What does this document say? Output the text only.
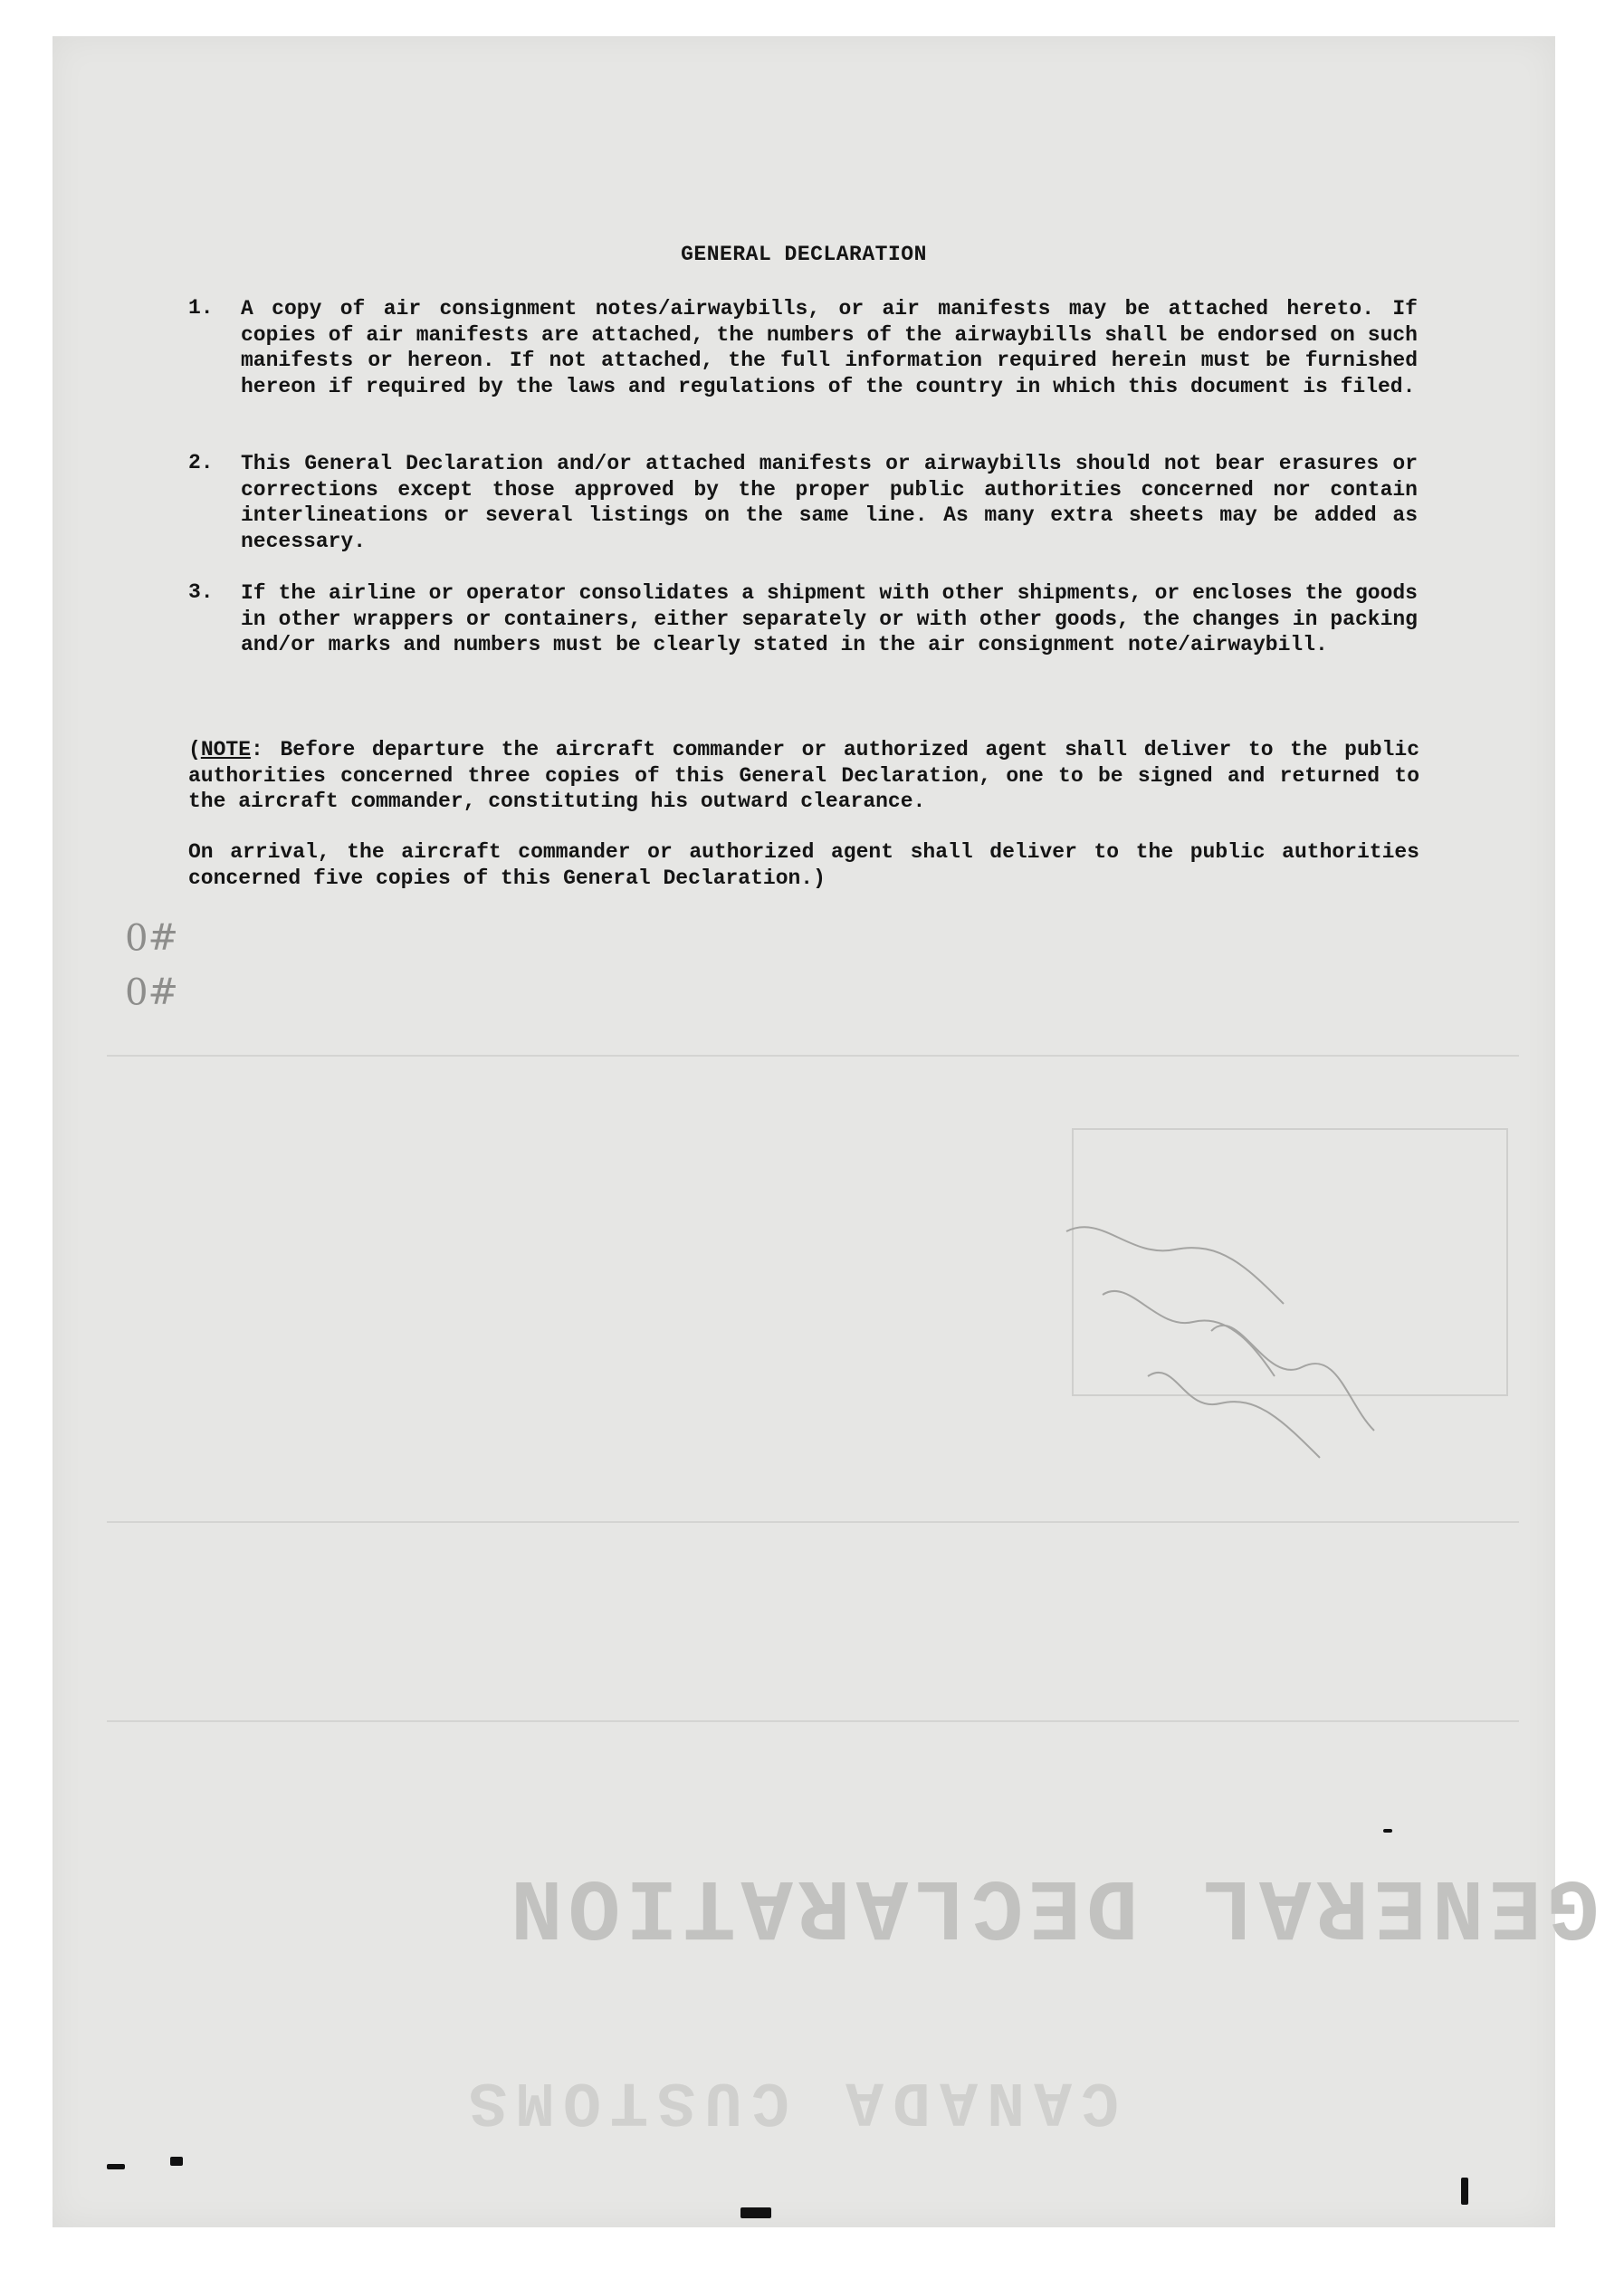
GENERAL DECLARATION
CANADA CUSTOMS
#0
#0
GENERAL DECLARATION
1. A copy of air consignment notes/airwaybills, or air manifests may be attached hereto. If copies of air manifests are attached, the numbers of the airwaybills shall be endorsed on such manifests or hereon. If not attached, the full information required herein must be furnished hereon if required by the laws and regulations of the country in which this document is filed.
2. This General Declaration and/or attached manifests or airwaybills should not bear erasures or corrections except those approved by the proper public authorities concerned nor contain interlineations or several listings on the same line. As many extra sheets may be added as necessary.
3. If the airline or operator consolidates a shipment with other shipments, or encloses the goods in other wrappers or containers, either separately or with other goods, the changes in packing and/or marks and numbers must be clearly stated in the air consignment note/airwaybill.
(NOTE: Before departure the aircraft commander or authorized agent shall deliver to the public authorities concerned three copies of this General Declaration, one to be signed and returned to the aircraft commander, constituting his outward clearance.
On arrival, the aircraft commander or authorized agent shall deliver to the public authorities concerned five copies of this General Declaration.)
